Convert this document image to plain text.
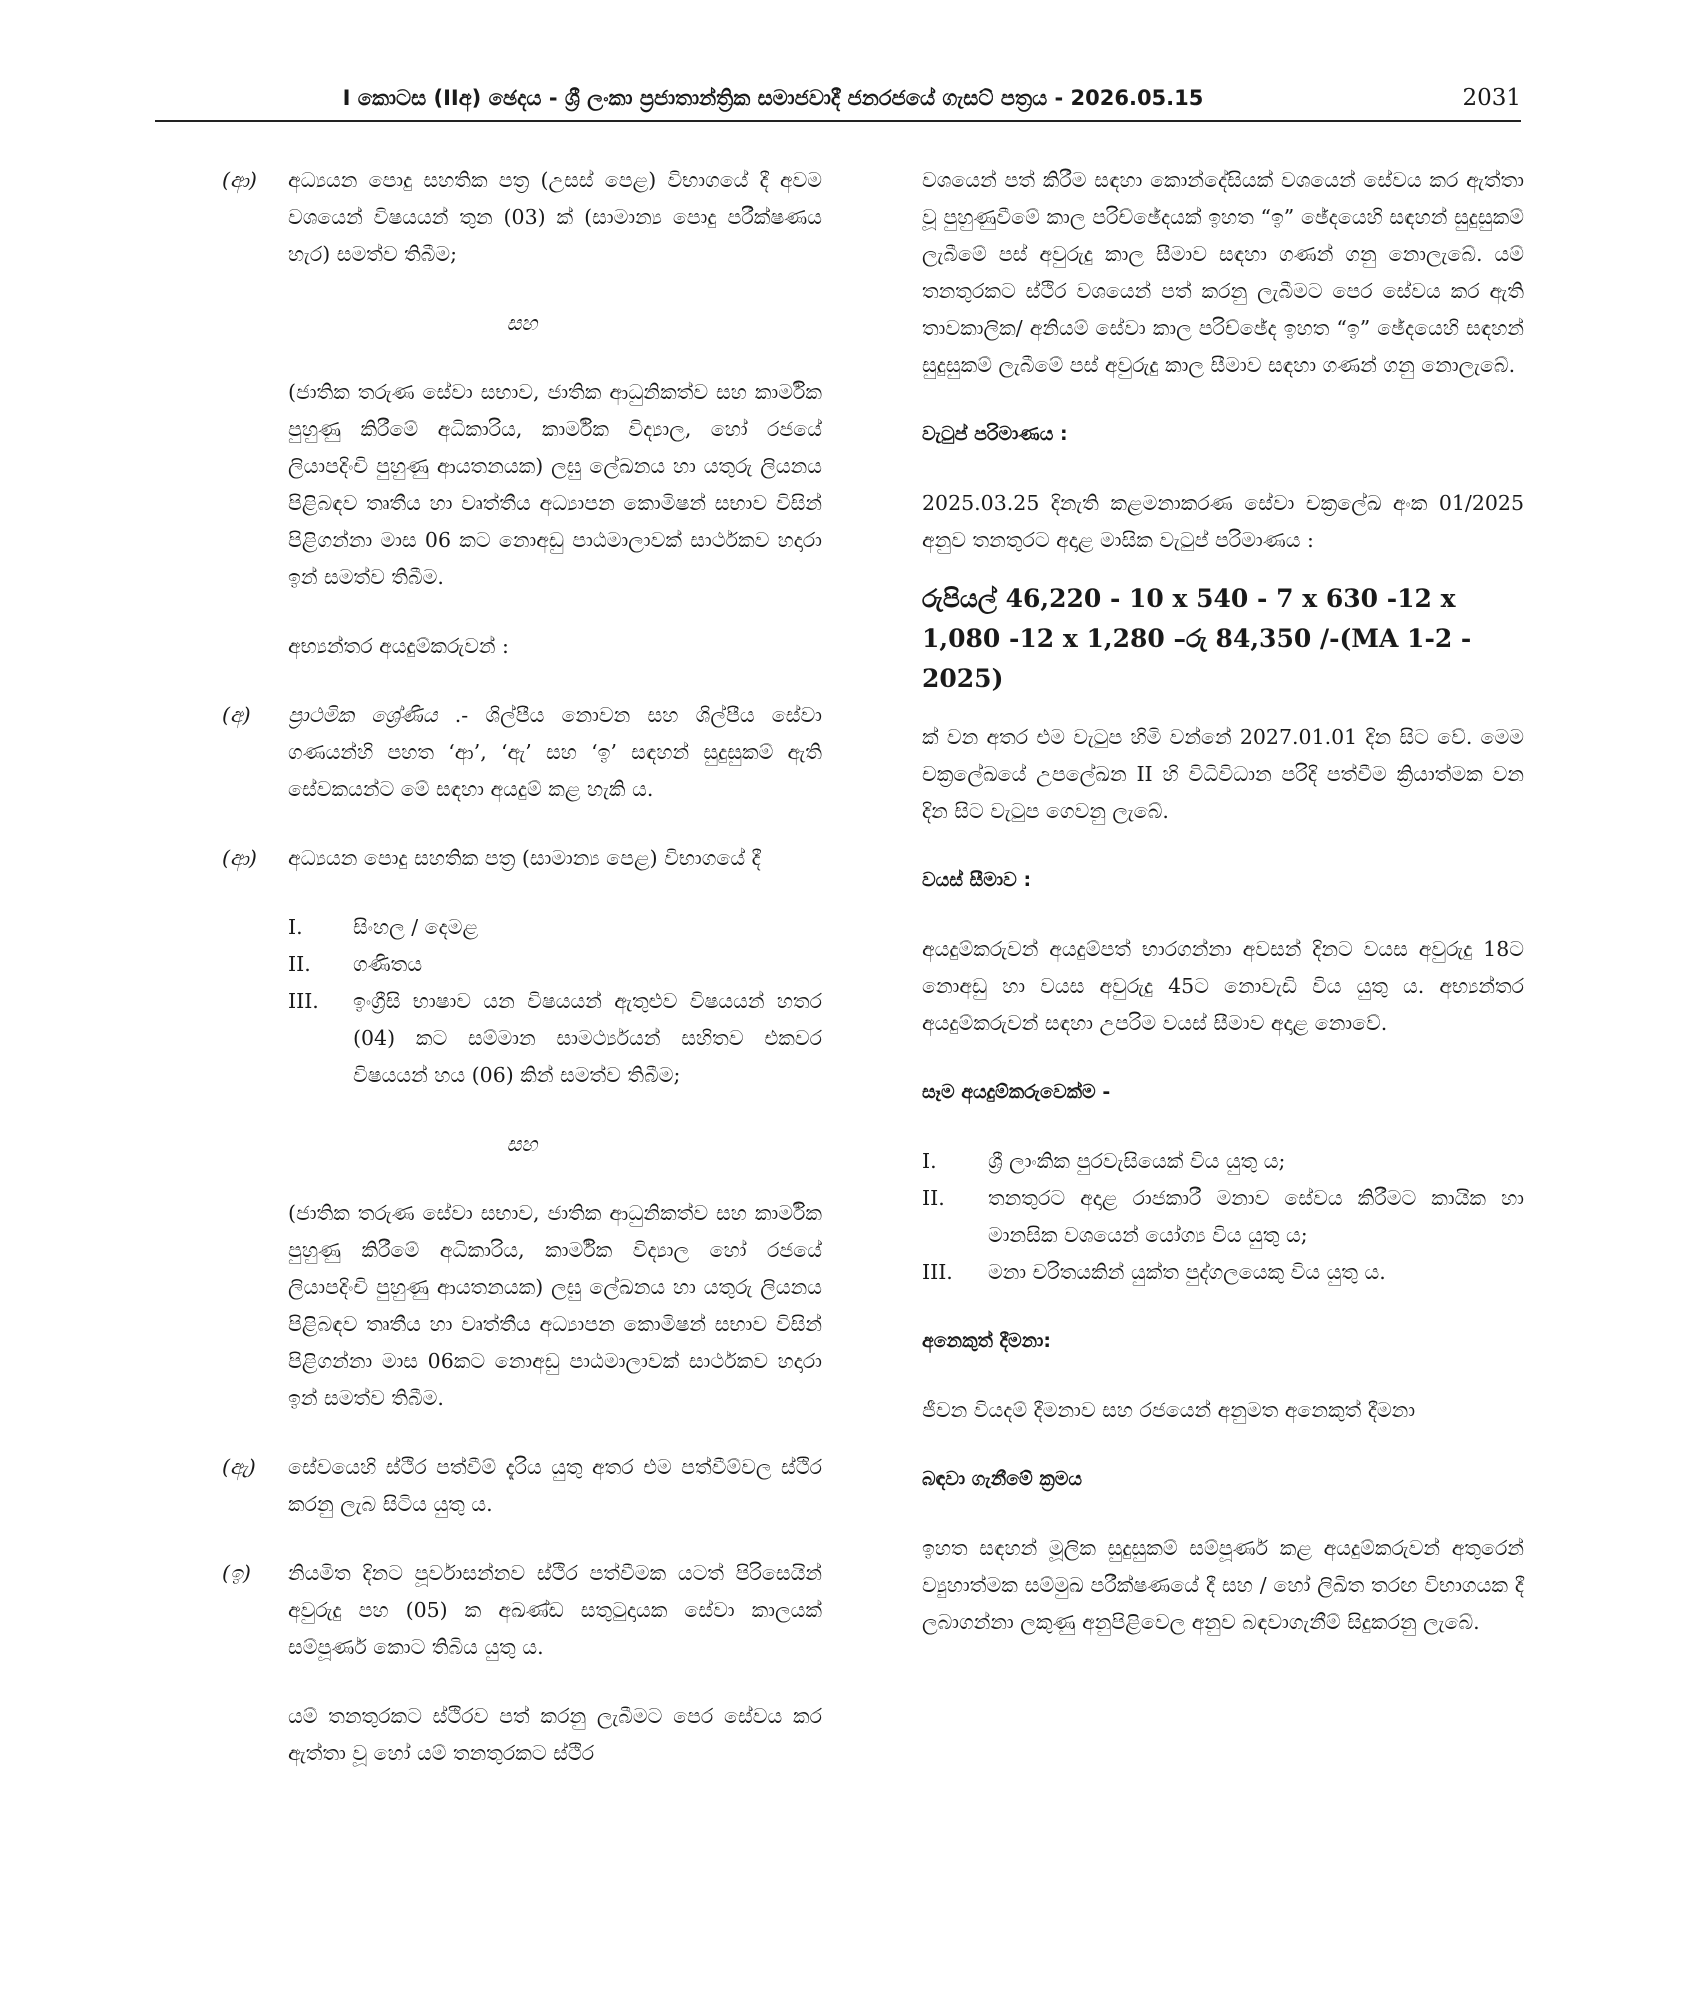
I කොටස (IIඅ) ඡෙදය - ශ්‍රී ලංකා ප්‍රජාතාන්ත්‍රික සමාජවාදී ජනරජයේ ගැසට් පත්‍රය - 2026.05.15	2031
(ආ) අධ්‍යයන පොදු සහතික පත්‍ර (උසස් පෙළ) විභාගයේ දී අවම වශයෙන් විෂයයන් තුන (03) ක් (සාමාන්‍ය පොදු පරීක්ෂණය හැර) සමත්ව තිබීම;

සහ

(ජාතික තරුණ සේවා සභාව, ජාතික ආධුනිකත්ව සහ කාර්මික පුහුණු කිරීමේ අධිකාරිය, කාර්මික විද්‍යාල, හෝ රජයේ ලියාපදිංචි පුහුණු ආයතනයක) ලඝු ලේඛනය හා යතුරු ලියනය පිළිබඳව තෘතීය හා වෘත්තීය අධ්‍යාපන කොමිෂන් සභාව විසින් පිළිගන්නා මාස 06 කට නොඅඩු පාඨමාලාවක් සාර්ථකව හදාරා ඉන් සමත්ව තිබීම.

අභ්‍යන්තර අයදුම්කරුවන් :

(අ) ප්‍රාථමික ශ්‍රේණිය .- ශිල්පීය නොවන සහ ශිල්පීය සේවා ගණයන්හි පහත ‘ආ’, ‘ඇ’ සහ ‘ඉ’ සඳහන් සුදුසුකම් ඇති සේවකයන්ට මේ සඳහා අයදුම් කළ හැකි ය.

(ආ) අධ්‍යයන පොදු සහතික පත්‍ර (සාමාන්‍ය පෙළ) විභාගයේ දී

I. සිංහල / දෙමළ

II. ගණිතය

III. ඉංග්‍රීසි භාෂාව යන විෂයයන් ඇතුළුව විෂයයන් හතර (04) කට සම්මාන සාමර්ථ්‍යයන් සහිතව එකවර විෂයයන් හය (06) කින් සමත්ව තිබීම;

සහ

(ජාතික තරුණ සේවා සභාව, ජාතික ආධුනිකත්ව සහ කාර්මික පුහුණු කිරීමේ අධිකාරිය, කාර්මික විද්‍යාල හෝ රජයේ ලියාපදිංචි පුහුණු ආයතනයක) ලඝු ලේඛනය හා යතුරු ලියනය පිළිබඳව තෘතීය හා වෘත්තීය අධ්‍යාපන කොමිෂන් සභාව විසින් පිළිගන්නා මාස 06කට නොඅඩු පාඨමාලාවක් සාර්ථකව හදාරා ඉන් සමත්ව තිබීම.

(ඇ) සේවයෙහි ස්ථිර පත්වීම් දැරිය යුතු අතර එම පත්වීම්වල ස්ථිර කරනු ලැබ සිටිය යුතු ය.

(ඉ) නියමිත දිනට පූර්වාසන්නව ස්ථිර පත්වීමක යටත් පිරිසෙයින් අවුරුදු පහ (05) ක අඛණ්ඩ සතුටුදායක සේවා කාලයක් සම්පූර්ණ කොට තිබිය යුතු ය.

යම් තනතුරකට ස්ථිරව පත් කරනු ලැබීමට පෙර සේවය කර ඇත්තා වූ හෝ යම් තනතුරකට ස්ථිර

වශයෙන් පත් කිරීම සඳහා කොන්දේසියක් වශයෙන් සේවය කර ඇත්තා වූ පුහුණුවීමේ කාල පරිච්ඡේදයක් ඉහත “ඉ” ඡේදයෙහි සඳහන් සුදුසුකම් ලැබීමේ පස් අවුරුදු කාල සීමාව සඳහා ගණන් ගනු නොලැබේ. යම් තනතුරකට ස්ථිර වශයෙන් පත් කරනු ලැබීමට පෙර සේවය කර ඇති තාවකාලික/ අනියම් සේවා කාල පරිච්ඡේද ඉහත “ඉ” ඡේදයෙහි සඳහන් සුදුසුකම් ලැබීමේ පස් අවුරුදු කාල සීමාව සඳහා ගණන් ගනු නොලැබේ.

වැටුප් පරිමාණය :

2025.03.25 දිනැති කළමනාකරණ සේවා චක්‍රලේඛ අංක 01/2025 අනුව තනතුරට අදාළ මාසික වැටුප් පරිමාණය :

රුපියල් 46,220 - 10 x 540 - 7 x 630 -12 x 1,080 -12 x 1,280 –රු 84,350 /-(MA 1-2 - 2025)

ක් වන අතර එම වැටුප හිමි වන්නේ 2027.01.01 දින සිට වේ. මෙම චක්‍රලේඛයේ උපලේඛන II හි විධිවිධාන පරිදි පත්වීම ක්‍රියාත්මක වන දින සිට වැටුප ගෙවනු ලැබේ.

වයස් සීමාව :

අයදුම්කරුවන් අයදුම්පත් භාරගන්නා අවසන් දිනට වයස අවුරුදු 18ට නොඅඩු හා වයස අවුරුදු 45ට නොවැඩි විය යුතු ය. අභ්‍යන්තර අයදුම්කරුවන් සඳහා උපරිම වයස් සීමාව අදාළ නොවේ.

සෑම අයදුම්කරුවෙක්ම -

I.	ශ්‍රී ලාංකික පුරවැසියෙක් විය යුතු ය;

II. තනතුරට අදාළ රාජකාරී මනාව සේවය කිරීමට කායික හා මානසික වශයෙන් යෝග්‍ය විය යුතු ය;

III. මනා චරිතයකින් යුක්ත පුද්ගලයෙකු විය යුතු ය.

අනෙකුත් දීමනා:

ජීවන වියදම් දීමනාව සහ රජයෙන් අනුමත අනෙකුත් දීමනා

බඳවා ගැනීමේ ක්‍රමය

ඉහත සඳහන් මූලික සුදුසුකම් සම්පූර්ණ කළ අයදුම්කරුවන් අතුරෙන් ව්‍යුහාත්මක සම්මුඛ පරීක්ෂණයේ දී සහ / හෝ ලිඛිත තරඟ විභාගයක දී ලබාගන්නා ලකුණු අනුපිළිවෙල අනුව බඳවාගැනීම් සිදුකරනු ලැබේ.
